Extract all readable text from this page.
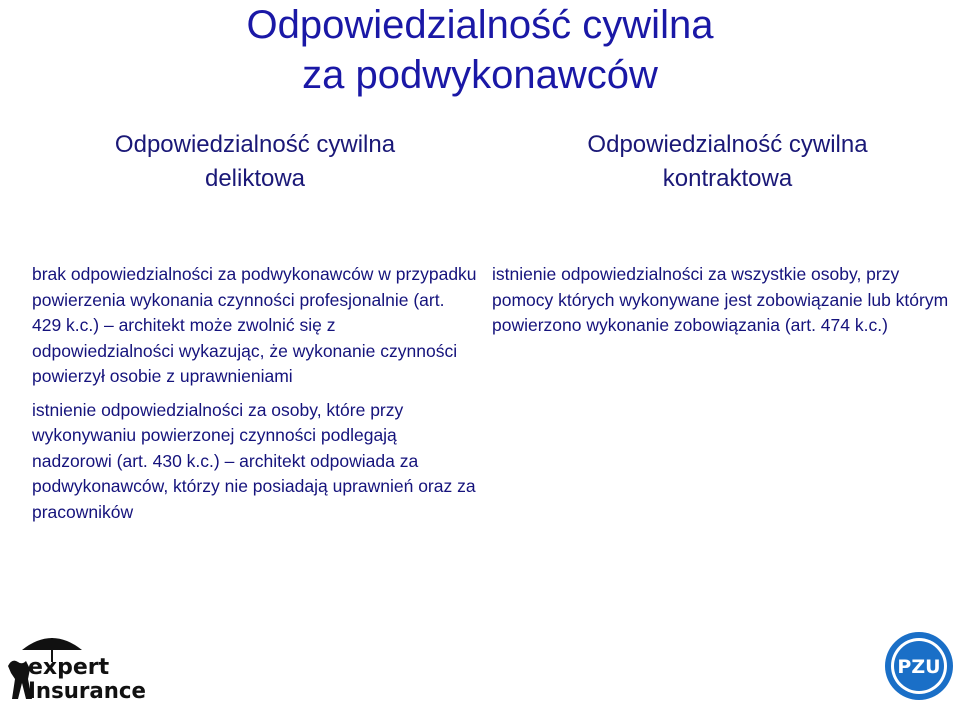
Odpowiedzialność cywilna
za podwykonawców
Odpowiedzialność cywilna
deliktowa
Odpowiedzialność cywilna
kontraktowa

brak odpowiedzialności za podwykonawców w przypadku powierzenia wykonania czynności profesjonalnie (art. 429 k.c.) – architekt może zwolnić się z odpowiedzialności wykazując, że wykonanie czynności powierzył osobie z uprawnieniami

istnienie odpowiedzialności za osoby, które przy wykonywaniu powierzonej czynności podlegają nadzorowi (art. 430 k.c.) – architekt odpowiada za podwykonawców, którzy nie posiadają uprawnień oraz za pracowników

istnienie odpowiedzialności za wszystkie osoby, przy pomocy których wykonywane jest zobowiązanie lub którym powierzono wykonanie zobowiązania (art. 474 k.c.)

expert
Insurance
PZU
